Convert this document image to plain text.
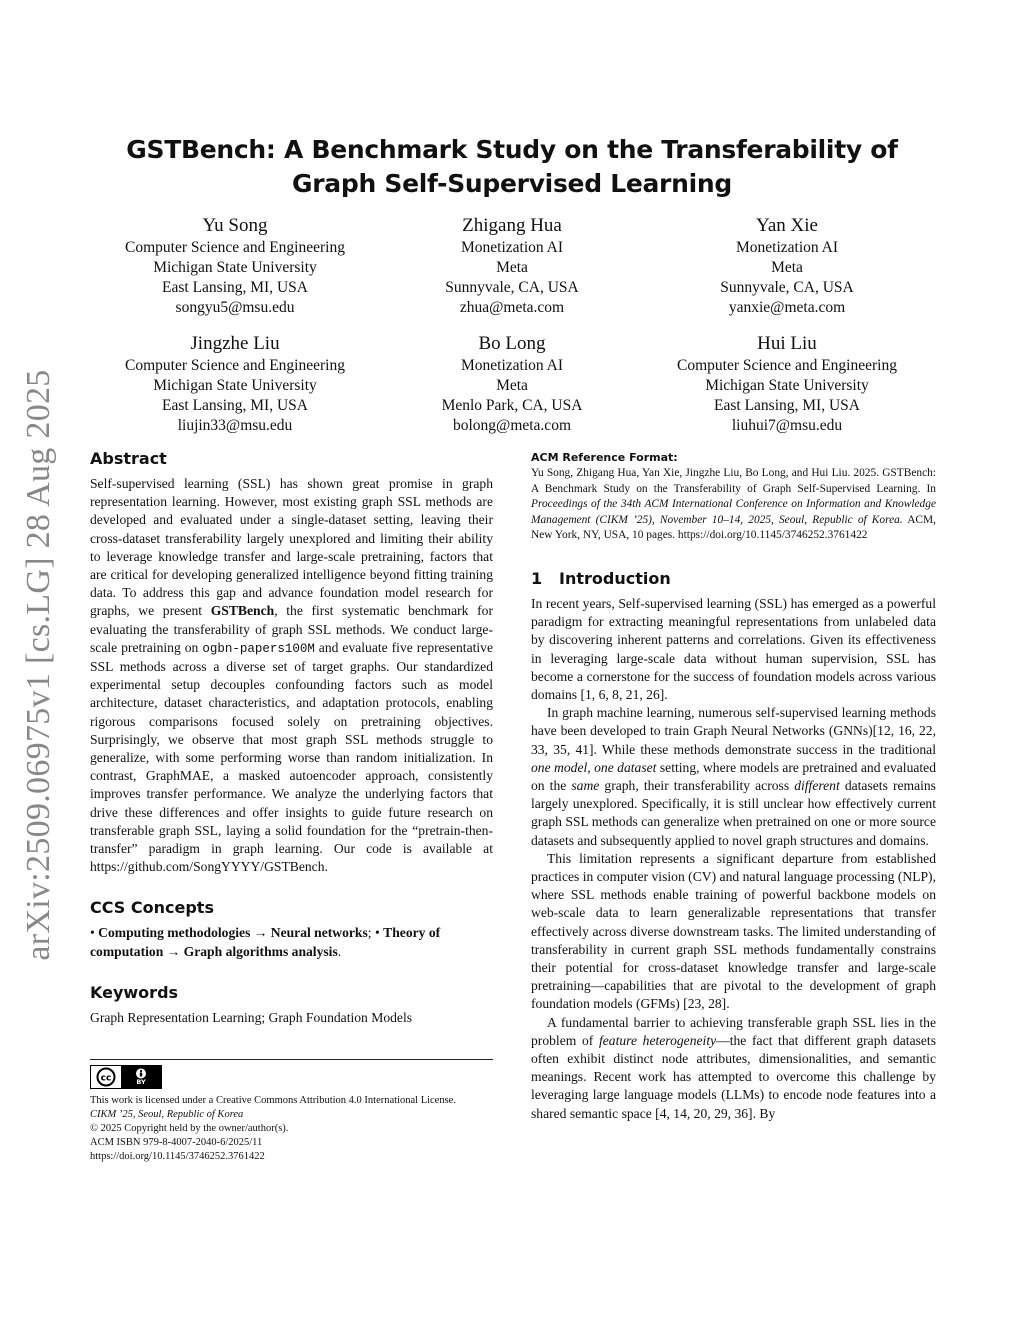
arXiv:2509.06975v1 [cs.LG] 28 Aug 2025
GSTBench: A Benchmark Study on the Transferability of Graph Self-Supervised Learning
Yu Song
Computer Science and Engineering
Michigan State University
East Lansing, MI, USA
songyu5@msu.edu
Zhigang Hua
Monetization AI
Meta
Sunnyvale, CA, USA
zhua@meta.com
Yan Xie
Monetization AI
Meta
Sunnyvale, CA, USA
yanxie@meta.com
Jingzhe Liu
Computer Science and Engineering
Michigan State University
East Lansing, MI, USA
liujin33@msu.edu
Bo Long
Monetization AI
Meta
Menlo Park, CA, USA
bolong@meta.com
Hui Liu
Computer Science and Engineering
Michigan State University
East Lansing, MI, USA
liuhui7@msu.edu
Abstract

Self-supervised learning (SSL) has shown great promise in graph representation learning. However, most existing graph SSL methods are developed and evaluated under a single-dataset setting, leaving their cross-dataset transferability largely unexplored and limiting their ability to leverage knowledge transfer and large-scale pretraining, factors that are critical for developing generalized intelligence beyond fitting training data. To address this gap and advance foundation model research for graphs, we present GSTBench, the first systematic benchmark for evaluating the transferability of graph SSL methods. We conduct large-scale pretraining on ogbn-papers100M and evaluate five representative SSL methods across a diverse set of target graphs. Our standardized experimental setup decouples confounding factors such as model architecture, dataset characteristics, and adaptation protocols, enabling rigorous comparisons focused solely on pretraining objectives. Surprisingly, we observe that most graph SSL methods struggle to generalize, with some performing worse than random initialization. In contrast, GraphMAE, a masked autoencoder approach, consistently improves transfer performance. We analyze the underlying factors that drive these differences and offer insights to guide future research on transferable graph SSL, laying a solid foundation for the “pretrain-then-transfer” paradigm in graph learning. Our code is available at https://github.com/SongYYYY/GSTBench.

CCS Concepts

• Computing methodologies → Neural networks; • Theory of computation → Graph algorithms analysis.

Keywords

Graph Representation Learning; Graph Foundation Models

cc	BY

This work is licensed under a Creative Commons Attribution 4.0 International License.

CIKM ’25, Seoul, Republic of Korea

© 2025 Copyright held by the owner/author(s).

ACM ISBN 979-8-4007-2040-6/2025/11

https://doi.org/10.1145/3746252.3761422

ACM Reference Format:

Yu Song, Zhigang Hua, Yan Xie, Jingzhe Liu, Bo Long, and Hui Liu. 2025. GSTBench: A Benchmark Study on the Transferability of Graph Self-Supervised Learning. In Proceedings of the 34th ACM International Conference on Information and Knowledge Management (CIKM ’25), November 10–14, 2025, Seoul, Republic of Korea. ACM, New York, NY, USA, 10 pages. https://doi.org/10.1145/3746252.3761422

1 Introduction

In recent years, Self-supervised learning (SSL) has emerged as a powerful paradigm for extracting meaningful representations from unlabeled data by discovering inherent patterns and correlations. Given its effectiveness in leveraging large-scale data without human supervision, SSL has become a cornerstone for the success of foundation models across various domains [1, 6, 8, 21, 26].

In graph machine learning, numerous self-supervised learning methods have been developed to train Graph Neural Networks (GNNs)[12, 16, 22, 33, 35, 41]. While these methods demonstrate success in the traditional one model, one dataset setting, where models are pretrained and evaluated on the same graph, their transferability across different datasets remains largely unexplored. Specifically, it is still unclear how effectively current graph SSL methods can generalize when pretrained on one or more source datasets and subsequently applied to novel graph structures and domains.

This limitation represents a significant departure from established practices in computer vision (CV) and natural language processing (NLP), where SSL methods enable training of powerful backbone models on web-scale data to learn generalizable representations that transfer effectively across diverse downstream tasks. The limited understanding of transferability in current graph SSL methods fundamentally constrains their potential for cross-dataset knowledge transfer and large-scale pretraining—capabilities that are pivotal to the development of graph foundation models (GFMs) [23, 28].

A fundamental barrier to achieving transferable graph SSL lies in the problem of feature heterogeneity—the fact that different graph datasets often exhibit distinct node attributes, dimensionalities, and semantic meanings. Recent work has attempted to overcome this challenge by leveraging large language models (LLMs) to encode node features into a shared semantic space [4, 14, 20, 29, 36]. By
